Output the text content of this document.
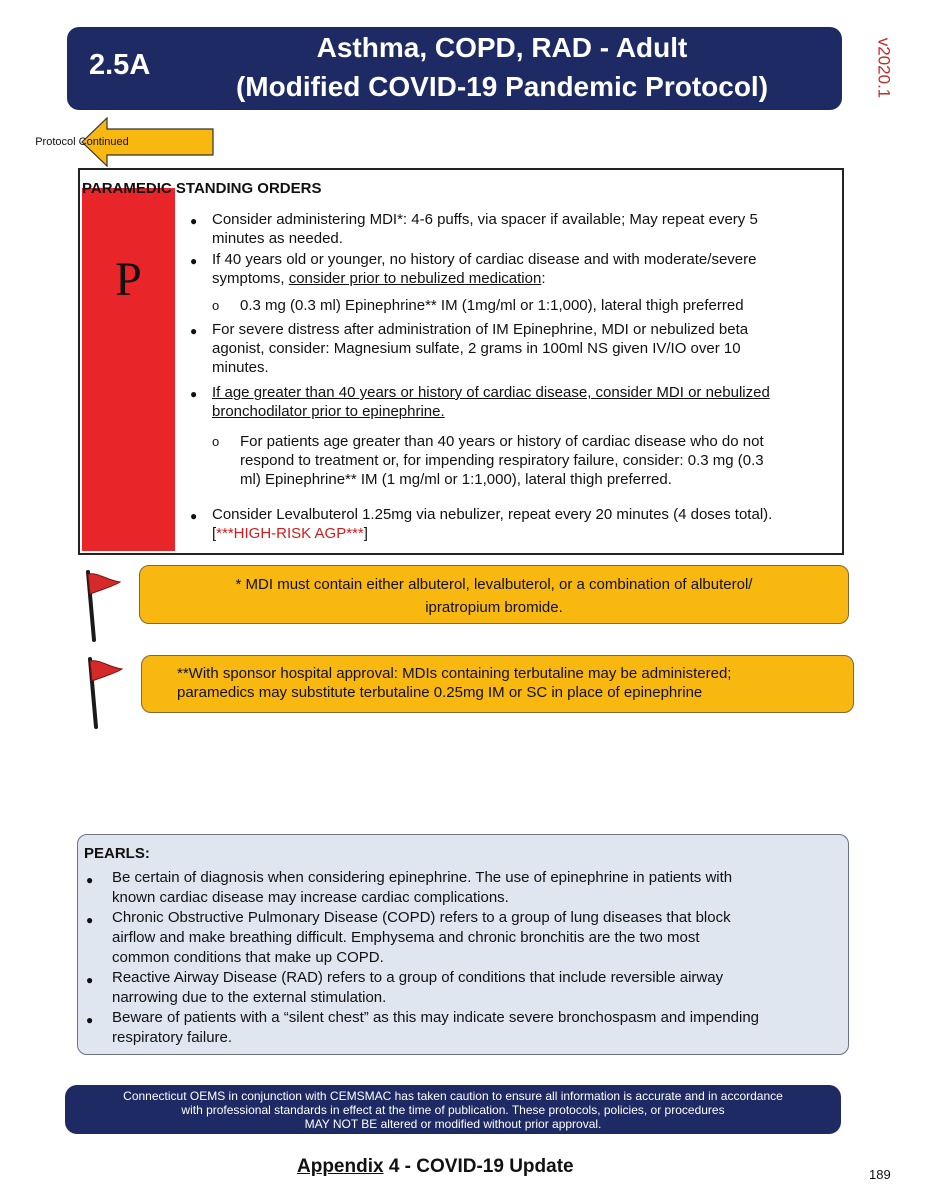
2.5A
Asthma, COPD, RAD - Adult
(Modified COVID-19 Pandemic Protocol)	v2020.1
Protocol Continued
P
PARAMEDIC STANDING ORDERS
● Consider administering MDI*: 4-6 puffs, via spacer if available; May repeat every 5
minutes as needed.
● If 40 years old or younger, no history of cardiac disease and with moderate/severe
symptoms, consider prior to nebulized medication:
o 0.3 mg (0.3 ml) Epinephrine** IM (1mg/ml or 1:1,000), lateral thigh preferred
● For severe distress after administration of IM Epinephrine, MDI or nebulized beta
agonist, consider: Magnesium sulfate, 2 grams in 100ml NS given IV/IO over 10
minutes.
● If age greater than 40 years or history of cardiac disease, consider MDI or nebulized
bronchodilator prior to epinephrine.
o For patients age greater than 40 years or history of cardiac disease who do not
respond to treatment or, for impending respiratory failure, consider: 0.3 mg (0.3
ml) Epinephrine** IM (1 mg/ml or 1:1,000), lateral thigh preferred.
● Consider Levalbuterol 1.25mg via nebulizer, repeat every 20 minutes (4 doses total).
[***HIGH-RISK AGP***]
* MDI must contain either albuterol, levalbuterol, or a combination of albuterol/
ipratropium bromide.
**With sponsor hospital approval: MDIs containing terbutaline may be administered;
paramedics may substitute terbutaline 0.25mg IM or SC in place of epinephrine
PEARLS:
● Be certain of diagnosis when considering epinephrine. The use of epinephrine in patients with
known cardiac disease may increase cardiac complications.
● Chronic Obstructive Pulmonary Disease (COPD) refers to a group of lung diseases that block
airflow and make breathing difficult. Emphysema and chronic bronchitis are the two most
common conditions that make up COPD.
● Reactive Airway Disease (RAD) refers to a group of conditions that include reversible airway
narrowing due to the external stimulation.
● Beware of patients with a “silent chest” as this may indicate severe bronchospasm and impending
respiratory failure.
Connecticut OEMS in conjunction with CEMSMAC has taken caution to ensure all information is accurate and in accordance
with professional standards in effect at the time of publication. These protocols, policies, or procedures
MAY NOT BE altered or modified without prior approval.
Appendix 4 - COVID-19 Update	189
